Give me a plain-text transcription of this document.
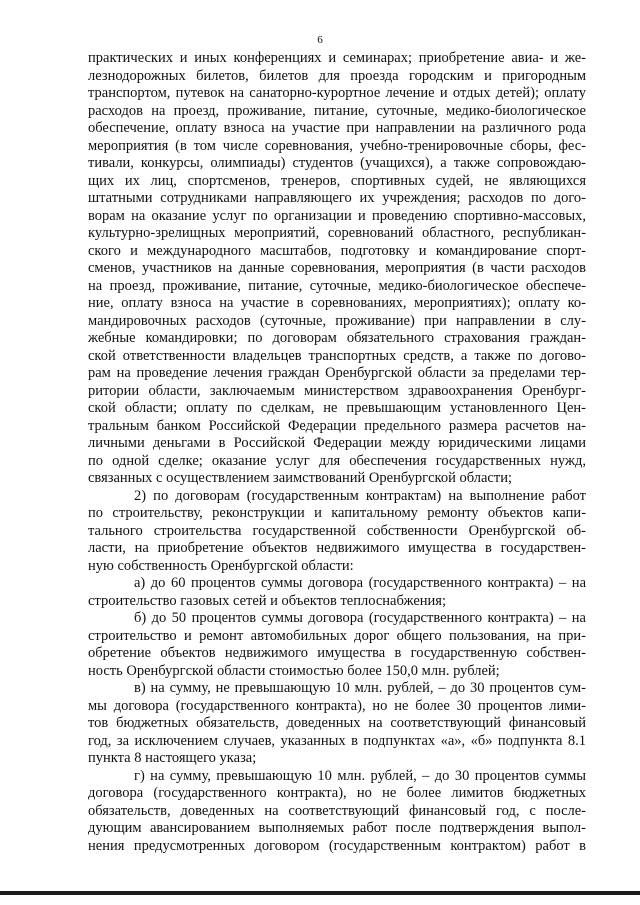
6
практических и иных конференциях и семинарах; приобретение авиа- и же-
лезнодорожных билетов, билетов для проезда городским и пригородным
транспортом, путевок на санаторно-курортное лечение и отдых детей); оплату
расходов на проезд, проживание, питание, суточные, медико-биологическое
обеспечение, оплату взноса на участие при направлении на различного рода
мероприятия (в том числе соревнования, учебно-тренировочные сборы, фес-
тивали, конкурсы, олимпиады) студентов (учащихся), а также сопровождаю-
щих их лиц, спортсменов, тренеров, спортивных судей, не являющихся
штатными сотрудниками направляющего их учреждения; расходов по дого-
ворам на оказание услуг по организации и проведению спортивно-массовых,
культурно-зрелищных мероприятий, соревнований областного, республикан-
ского и международного масштабов, подготовку и командирование спорт-
сменов, участников на данные соревнования, мероприятия (в части расходов
на проезд, проживание, питание, суточные, медико-биологическое обеспече-
ние, оплату взноса на участие в соревнованиях, мероприятиях); оплату ко-
мандировочных расходов (суточные, проживание) при направлении в слу-
жебные командировки; по договорам обязательного страхования граждан-
ской ответственности владельцев транспортных средств, а также по догово-
рам на проведение лечения граждан Оренбургской области за пределами тер-
ритории области, заключаемым министерством здравоохранения Оренбург-
ской области; оплату по сделкам, не превышающим установленного Цен-
тральным банком Российской Федерации предельного размера расчетов на-
личными деньгами в Российской Федерации между юридическими лицами
по одной сделке; оказание услуг для обеспечения государственных нужд,
связанных с осуществлением заимствований Оренбургской области;
2) по договорам (государственным контрактам) на выполнение работ
по строительству, реконструкции и капитальному ремонту объектов капи-
тального строительства государственной собственности Оренбургской об-
ласти, на приобретение объектов недвижимого имущества в государствен-
ную собственность Оренбургской области:
а) до 60 процентов суммы договора (государственного контракта) – на
строительство газовых сетей и объектов теплоснабжения;
б) до 50 процентов суммы договора (государственного контракта) – на
строительство и ремонт автомобильных дорог общего пользования, на при-
обретение объектов недвижимого имущества в государственную собствен-
ность Оренбургской области стоимостью более 150,0 млн. рублей;
в) на сумму, не превышающую 10 млн. рублей, – до 30 процентов сум-
мы договора (государственного контракта), но не более 30 процентов лими-
тов бюджетных обязательств, доведенных на соответствующий финансовый
год, за исключением случаев, указанных в подпунктах «а», «б» подпункта 8.1
пункта 8 настоящего указа;
г) на сумму, превышающую 10 млн. рублей, – до 30 процентов суммы
договора (государственного контракта), но не более лимитов бюджетных
обязательств, доведенных на соответствующий финансовый год, с после-
дующим авансированием выполняемых работ после подтверждения выпол-
нения предусмотренных договором (государственным контрактом) работ в
